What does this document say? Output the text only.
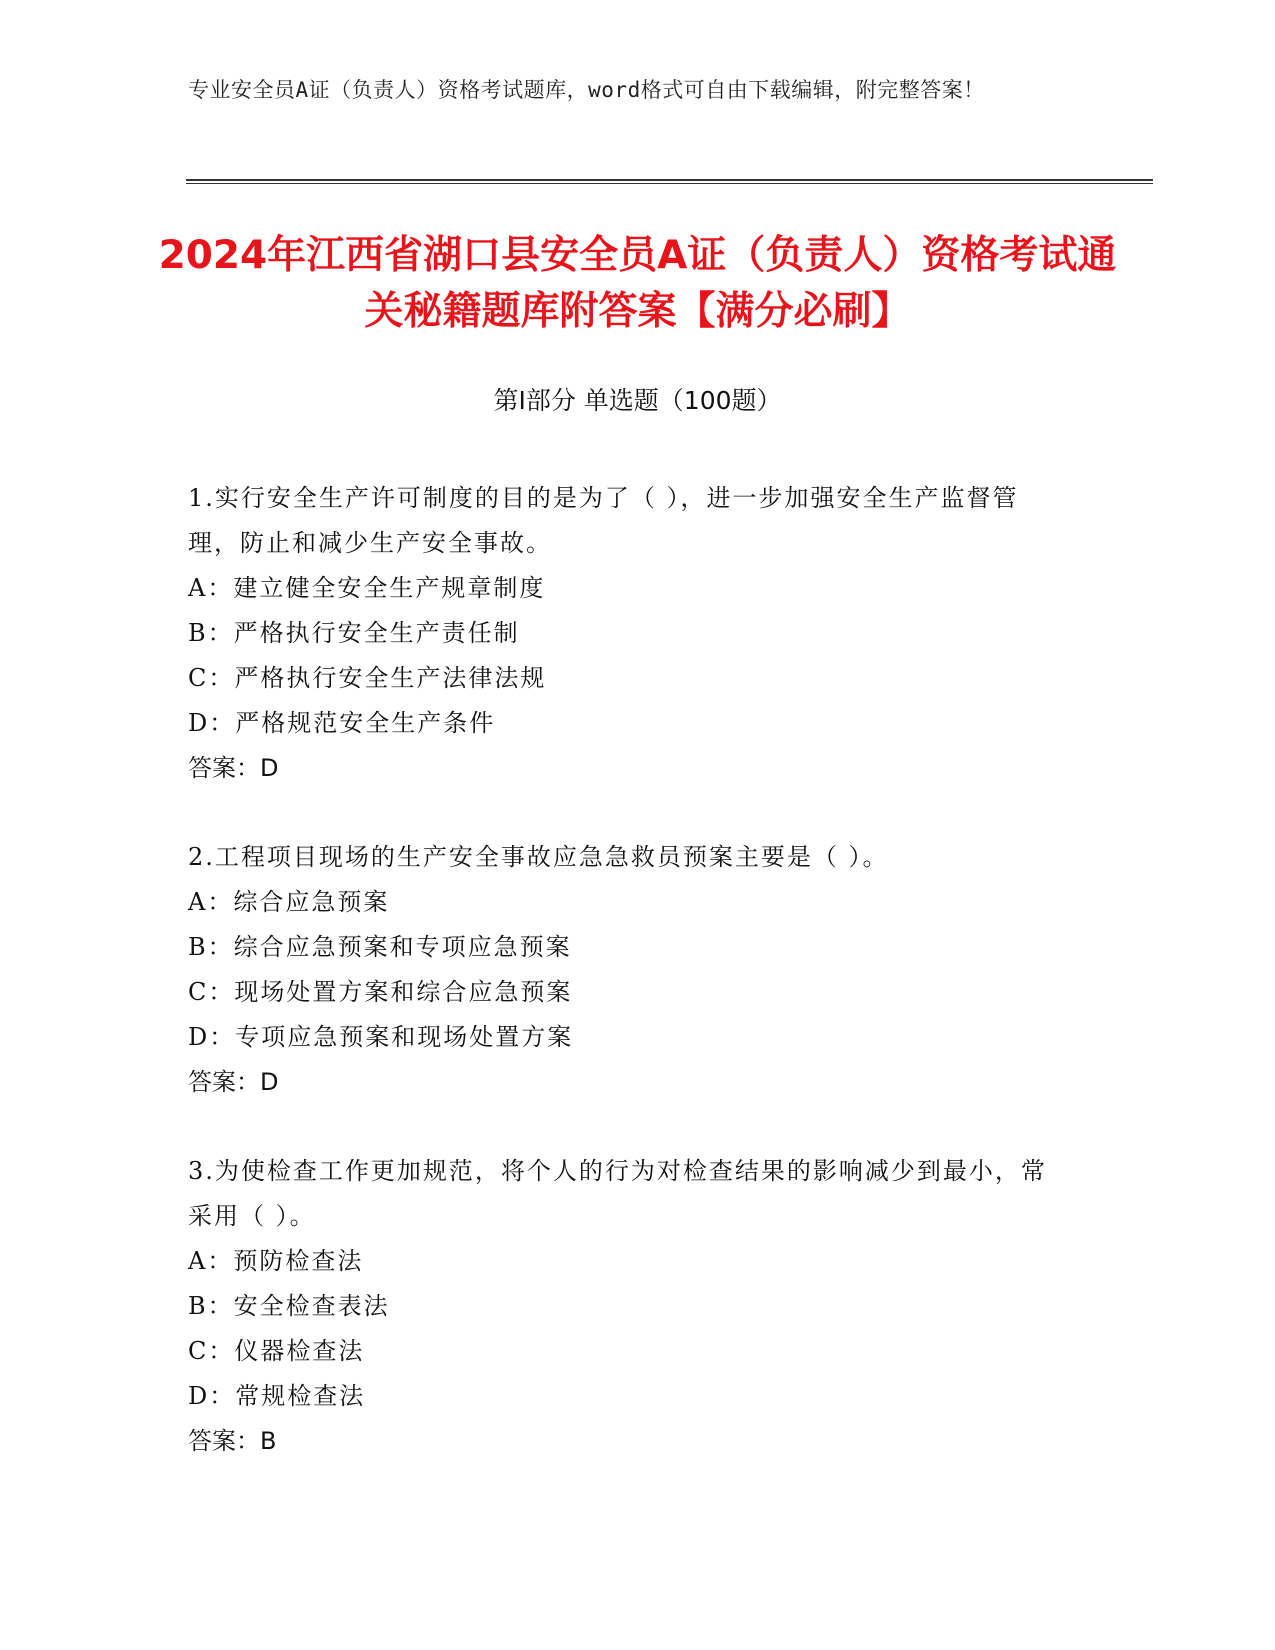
专业安全员A证（负责人）资格考试题库，word格式可自由下载编辑，附完整答案！
2024年江西省湖口县安全员A证（负责人）资格考试通关秘籍题库附答案【满分必刷】
第I部分 单选题（100题）

1.实行安全生产许可制度的目的是为了（ ），进一步加强安全生产监督管理，防止和减少生产安全事故。

A：建立健全安全生产规章制度

B：严格执行安全生产责任制

C：严格执行安全生产法律法规

D：严格规范安全生产条件

答案：D

2.工程项目现场的生产安全事故应急急救员预案主要是（ ）。

A：综合应急预案

B：综合应急预案和专项应急预案

C：现场处置方案和综合应急预案

D：专项应急预案和现场处置方案

答案：D

3.为使检查工作更加规范，将个人的行为对检查结果的影响减少到最小，常采用（ ）。

A：预防检查法

B：安全检查表法

C：仪器检查法

D：常规检查法

答案：B
